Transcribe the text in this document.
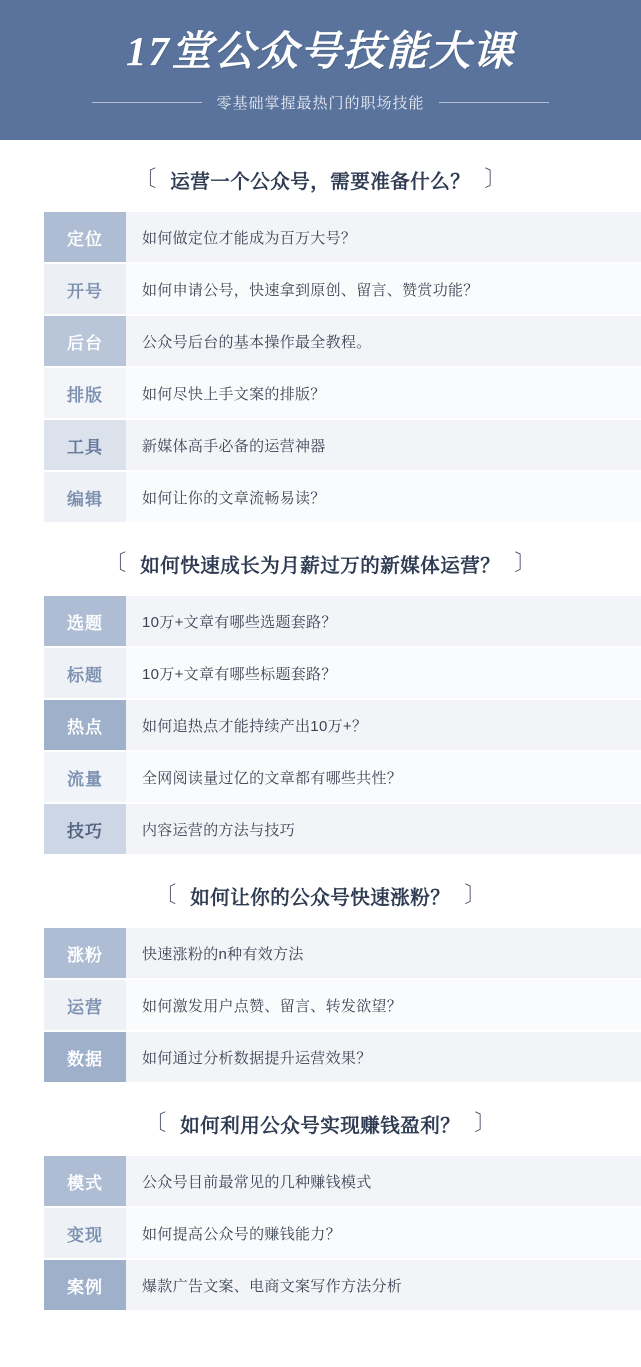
17堂公众号技能大课
零基础掌握最热门的职场技能
〔 运营一个公众号，需要准备什么？ 〕
定位	如何做定位才能成为百万大号？
开号	如何申请公号，快速拿到原创、留言、赞赏功能？
后台	公众号后台的基本操作最全教程。
排版	如何尽快上手文案的排版？
工具	新媒体高手必备的运营神器
编辑	如何让你的文章流畅易读？
〔 如何快速成长为月薪过万的新媒体运营？ 〕
选题	10万+文章有哪些选题套路？
标题	10万+文章有哪些标题套路？
热点	如何追热点才能持续产出10万+？
流量	全网阅读量过亿的文章都有哪些共性？
技巧	内容运营的方法与技巧
〔 如何让你的公众号快速涨粉？ 〕
涨粉	快速涨粉的n种有效方法
运营	如何激发用户点赞、留言、转发欲望？
数据	如何通过分析数据提升运营效果？
〔 如何利用公众号实现赚钱盈利？ 〕
模式	公众号目前最常见的几种赚钱模式
变现	如何提高公众号的赚钱能力？
案例	爆款广告文案、电商文案写作方法分析
